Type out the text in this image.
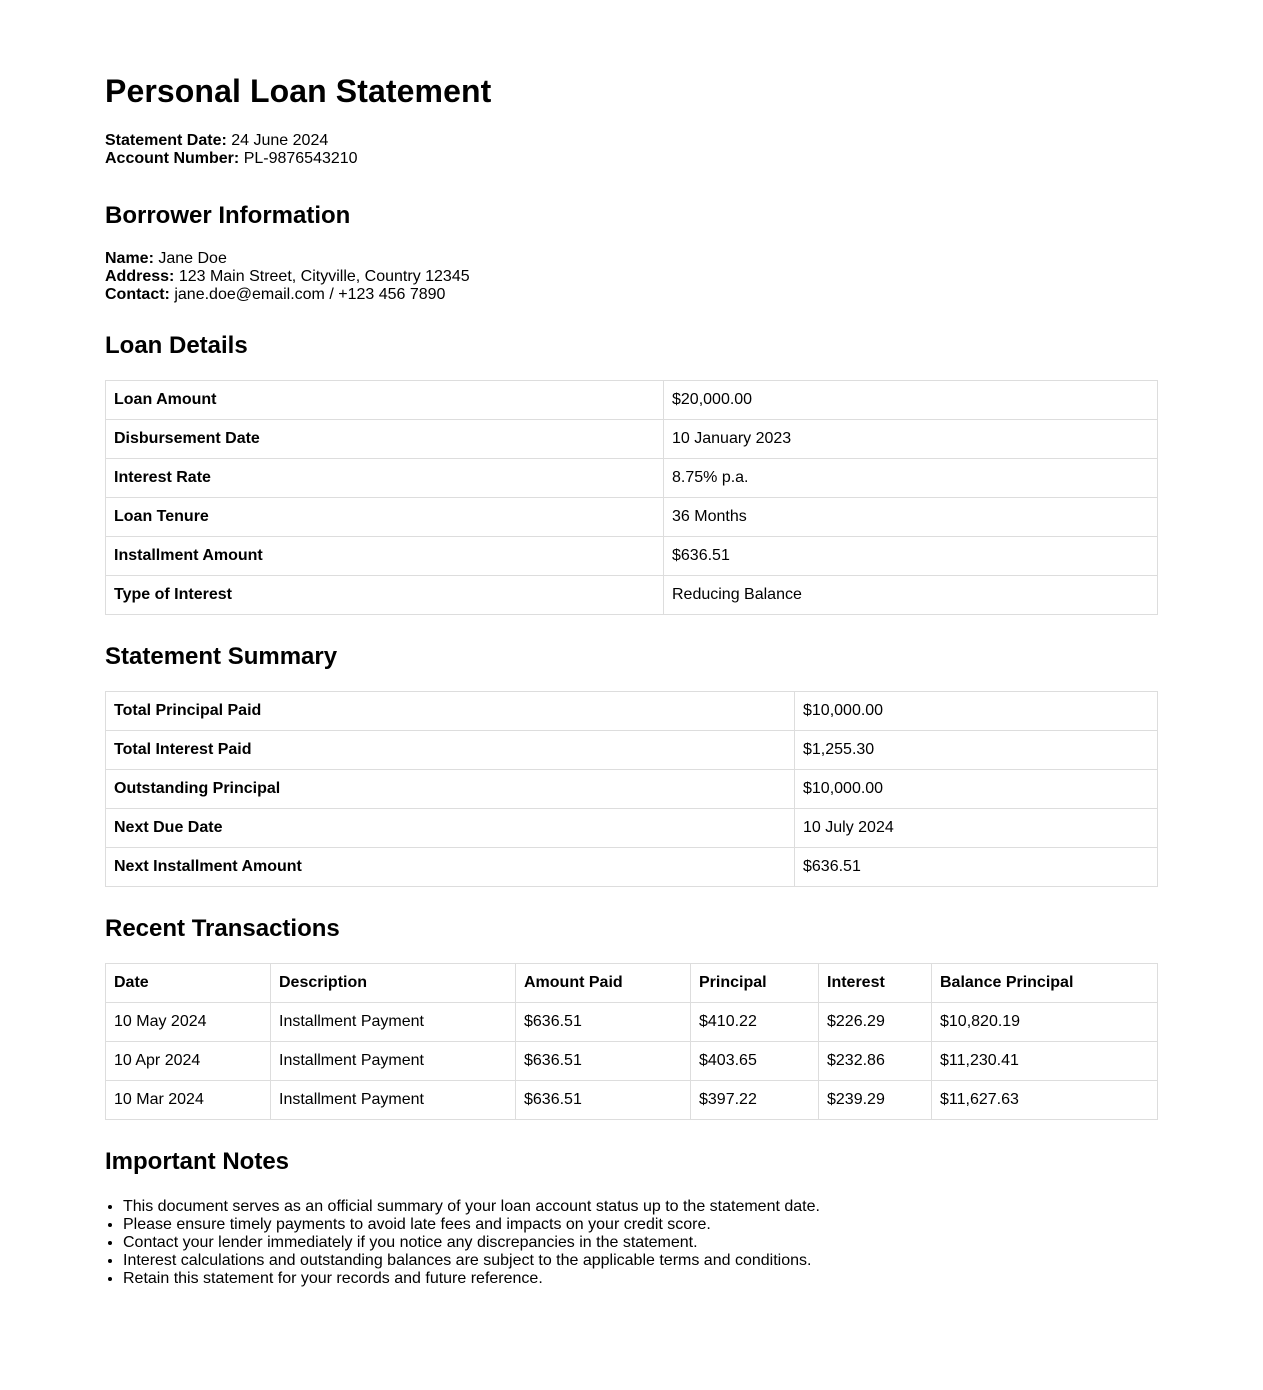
Personal Loan Statement
Statement Date: 24 June 2024
Account Number: PL-9876543210
Borrower Information
Name: Jane Doe
Address: 123 Main Street, Cityville, Country 12345
Contact: jane.doe@email.com / +123 456 7890
Loan Details
Loan Amount	$20,000.00
Disbursement Date	10 January 2023
Interest Rate	8.75% p.a.
Loan Tenure	36 Months
Installment Amount	$636.51
Type of Interest	Reducing Balance
Statement Summary
Total Principal Paid	$10,000.00
Total Interest Paid	$1,255.30
Outstanding Principal	$10,000.00
Next Due Date	10 July 2024
Next Installment Amount	$636.51
Recent Transactions
Date	Description	Amount Paid	Principal	Interest	Balance Principal
10 May 2024	Installment Payment	$636.51	$410.22	$226.29	$10,820.19
10 Apr 2024	Installment Payment	$636.51	$403.65	$232.86	$11,230.41
10 Mar 2024	Installment Payment	$636.51	$397.22	$239.29	$11,627.63
Important Notes
• This document serves as an official summary of your loan account status up to the statement date.
• Please ensure timely payments to avoid late fees and impacts on your credit score.
• Contact your lender immediately if you notice any discrepancies in the statement.
• Interest calculations and outstanding balances are subject to the applicable terms and conditions.
• Retain this statement for your records and future reference.
